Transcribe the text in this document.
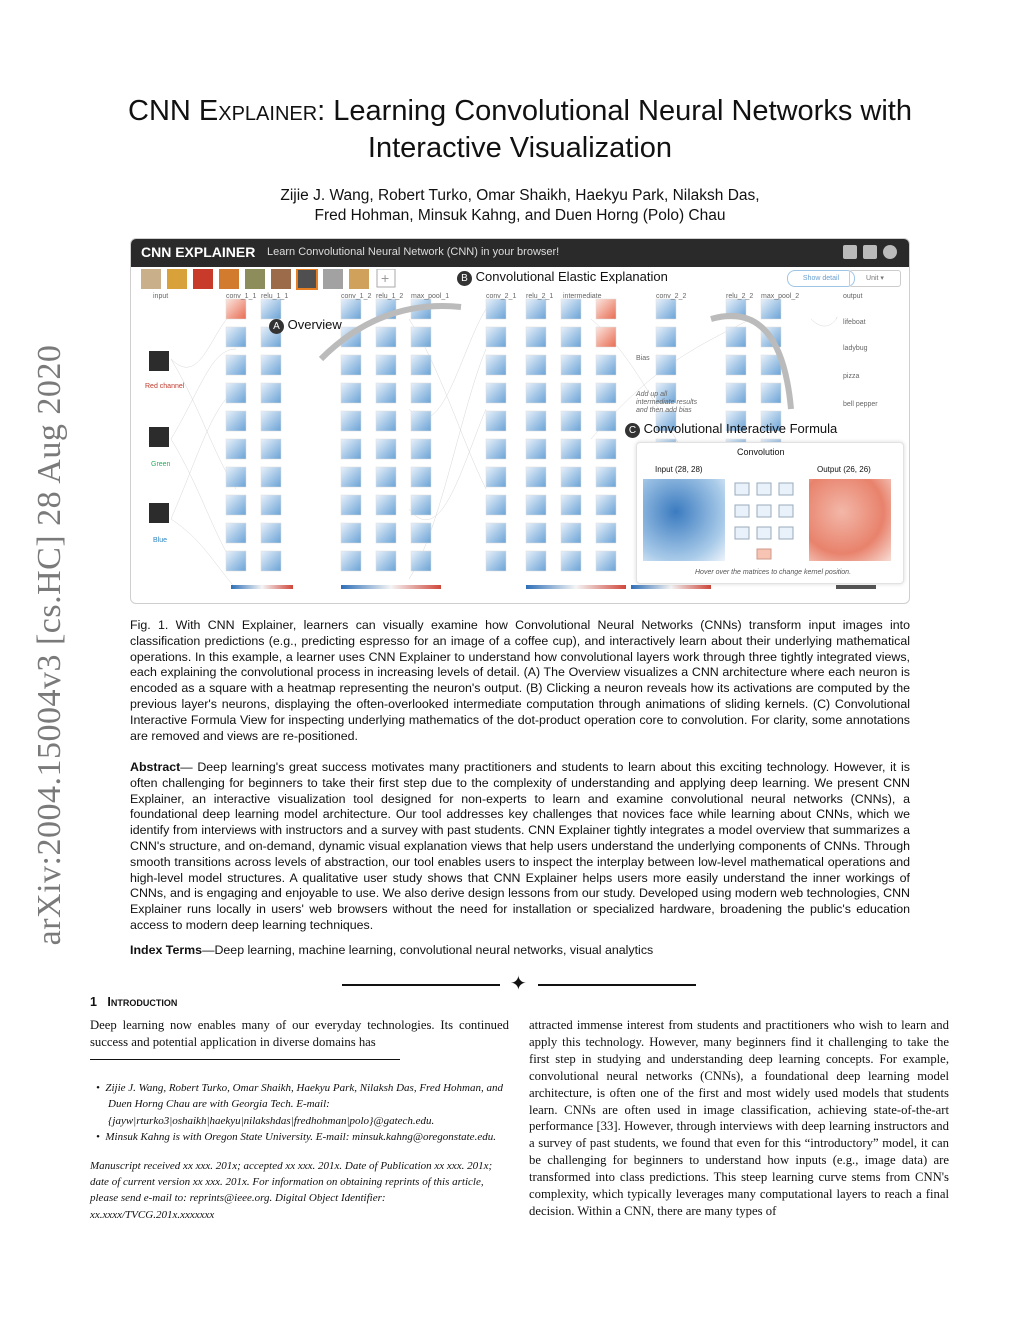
arXiv:2004.15004v3 [cs.HC] 28 Aug 2020
CNN Explainer: Learning Convolutional Neural Networks with
Interactive Visualization
Zijie J. Wang, Robert Turko, Omar Shaikh, Haekyu Park, Nilaksh Das,
Fred Hohman, Minsuk Kahng, and Duen Horng (Polo) Chau
CNN EXPLAINER Learn Convolutional Neural Network (CNN) in your browser!
+	Show detail	Unit ▾
input	conv_1_1 relu_1_1	conv_1_2 relu_1_2 max_pool_1	conv_2_1 relu_2_1 intermediate	conv_2_2	relu_2_2 max_pool_2	output
lifeboat
ladybug
pizza
bell pepper
Red channel
Green
Blue
Bias
Add up all intermediate results and then add bias
A Overview
B Convolutional Elastic Explanation
C Convolutional Interactive Formula
Convolution
Input (28, 28)	Output (26, 26)
Hover over the matrices to change kernel position.
Fig. 1. With CNN Explainer, learners can visually examine how Convolutional Neural Networks (CNNs) transform input images into classification predictions (e.g., predicting espresso for an image of a coffee cup), and interactively learn about their underlying mathematical operations. In this example, a learner uses CNN Explainer to understand how convolutional layers work through three tightly integrated views, each explaining the convolutional process in increasing levels of detail. (A) The Overview visualizes a CNN architecture where each neuron is encoded as a square with a heatmap representing the neuron's output. (B) Clicking a neuron reveals how its activations are computed by the previous layer's neurons, displaying the often-overlooked intermediate computation through animations of sliding kernels. (C) Convolutional Interactive Formula View for inspecting underlying mathematics of the dot-product operation core to convolution. For clarity, some annotations are removed and views are re-positioned.
Abstract— Deep learning's great success motivates many practitioners and students to learn about this exciting technology. However, it is often challenging for beginners to take their first step due to the complexity of understanding and applying deep learning. We present CNN Explainer, an interactive visualization tool designed for non-experts to learn and examine convolutional neural networks (CNNs), a foundational deep learning model architecture. Our tool addresses key challenges that novices face while learning about CNNs, which we identify from interviews with instructors and a survey with past students. CNN Explainer tightly integrates a model overview that summarizes a CNN's structure, and on-demand, dynamic visual explanation views that help users understand the underlying components of CNNs. Through smooth transitions across levels of abstraction, our tool enables users to inspect the interplay between low-level mathematical operations and high-level model structures. A qualitative user study shows that CNN Explainer helps users more easily understand the inner workings of CNNs, and is engaging and enjoyable to use. We also derive design lessons from our study. Developed using modern web technologies, CNN Explainer runs locally in users' web browsers without the need for installation or specialized hardware, broadening the public's education access to modern deep learning techniques.
Index Terms—Deep learning, machine learning, convolutional neural networks, visual analytics
✦
1 Introduction
Deep learning now enables many of our everyday technologies. Its continued success and potential application in diverse domains has
•  Zijie J. Wang, Robert Turko, Omar Shaikh, Haekyu Park, Nilaksh Das, Fred Hohman, and Duen Horng Chau are with Georgia Tech. E-mail: {jayw|rturko3|oshaikh|haekyu|nilakshdas|fredhohman|polo}@gatech.edu.
•  Minsuk Kahng is with Oregon State University. E-mail: minsuk.kahng@oregonstate.edu.
Manuscript received xx xxx. 201x; accepted xx xxx. 201x. Date of Publication xx xxx. 201x; date of current version xx xxx. 201x. For information on obtaining reprints of this article, please send e-mail to: reprints@ieee.org. Digital Object Identifier: xx.xxxx/TVCG.201x.xxxxxxx
attracted immense interest from students and practitioners who wish to learn and apply this technology. However, many beginners find it challenging to take the first step in studying and understanding deep learning concepts. For example, convolutional neural networks (CNNs), a foundational deep learning model architecture, is often one of the first and most widely used models that students learn. CNNs are often used in image classification, achieving state-of-the-art performance [33]. However, through interviews with deep learning instructors and a survey of past students, we found that even for this “introductory” model, it can be challenging for beginners to understand how inputs (e.g., image data) are transformed into class predictions. This steep learning curve stems from CNN's complexity, which typically leverages many computational layers to reach a final decision. Within a CNN, there are many types of
